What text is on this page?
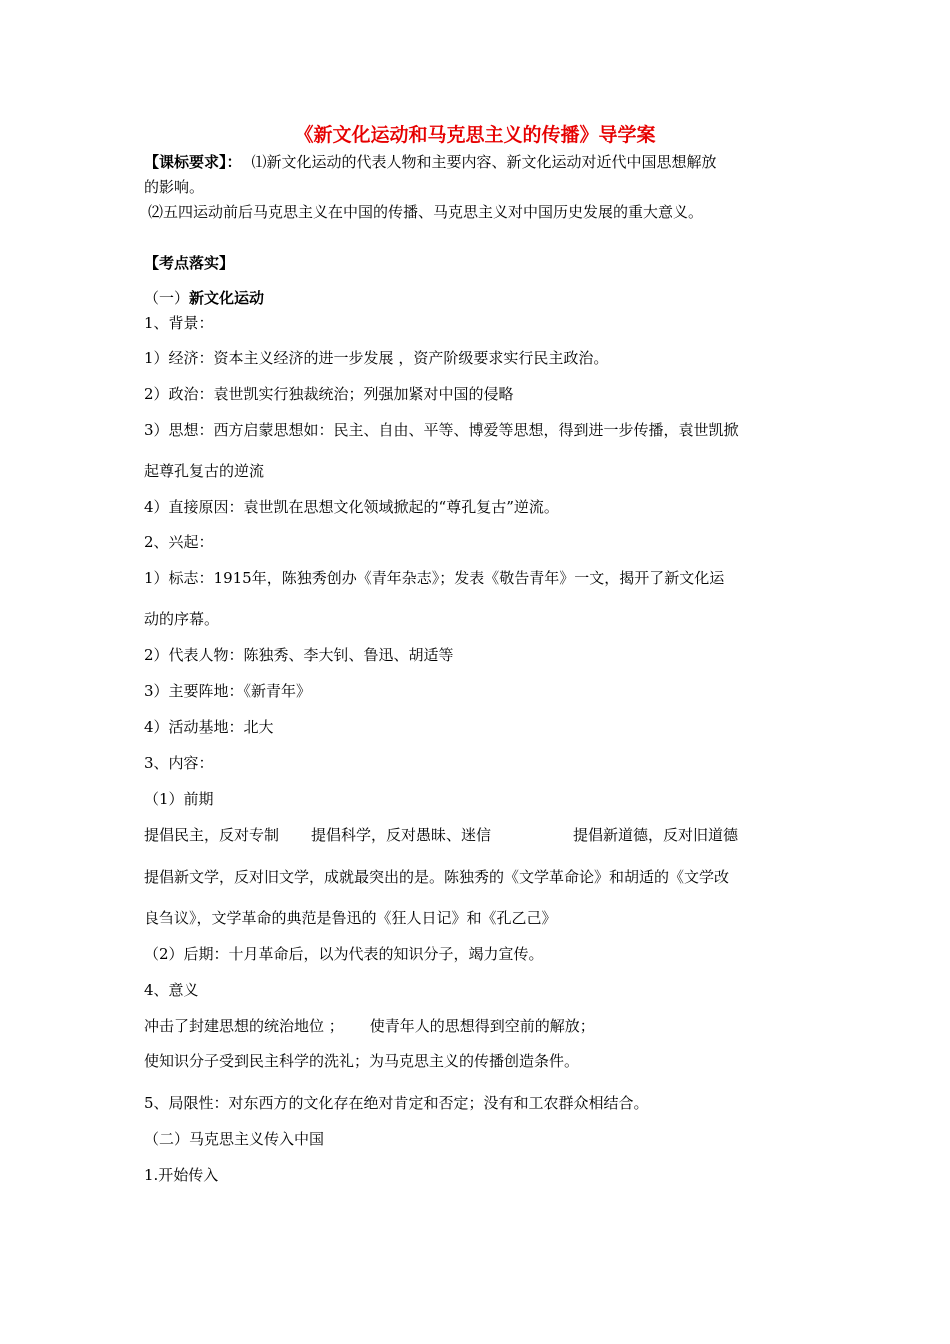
《新文化运动和马克思主义的传播》导学案
【课标要求】： ⑴新文化运动的代表人物和主要内容、新文化运动对近代中国思想解放
的影响。
⑵五四运动前后马克思主义在中国的传播、马克思主义对中国历史发展的重大意义。
【考点落实】
（一）新文化运动
1、背景：
1）经济：资本主义经济的进一步发展 ，资产阶级要求实行民主政治。
2）政治：袁世凯实行独裁统治；列强加紧对中国的侵略
3）思想：西方启蒙思想如：民主、自由、平等、博爱等思想，得到进一步传播，袁世凯掀
起尊孔复古的逆流
4）直接原因：袁世凯在思想文化领域掀起的“尊孔复古”逆流。
2、兴起：
1）标志：1915年，陈独秀创办《青年杂志》；发表《敬告青年》一文，揭开了新文化运
动的序幕。
2）代表人物：陈独秀、李大钊、鲁迅、胡适等
3）主要阵地：《新青年》
4）活动基地：北大
3、内容：
（1）前期
提倡民主，反对专制 提倡科学，反对愚昧、迷信	提倡新道德，反对旧道德
提倡新文学，反对旧文学，成就最突出的是。陈独秀的《文学革命论》和胡适的《文学改
良刍议》，文学革命的典范是鲁迅的《狂人日记》和《孔乙己》
（2）后期：十月革命后，以为代表的知识分子，竭力宣传。
4、意义
冲击了封建思想的统治地位 ； 使青年人的思想得到空前的解放；
使知识分子受到民主科学的洗礼；为马克思主义的传播创造条件。
5、局限性：对东西方的文化存在绝对肯定和否定；没有和工农群众相结合。
（二）马克思主义传入中国
1.开始传入
